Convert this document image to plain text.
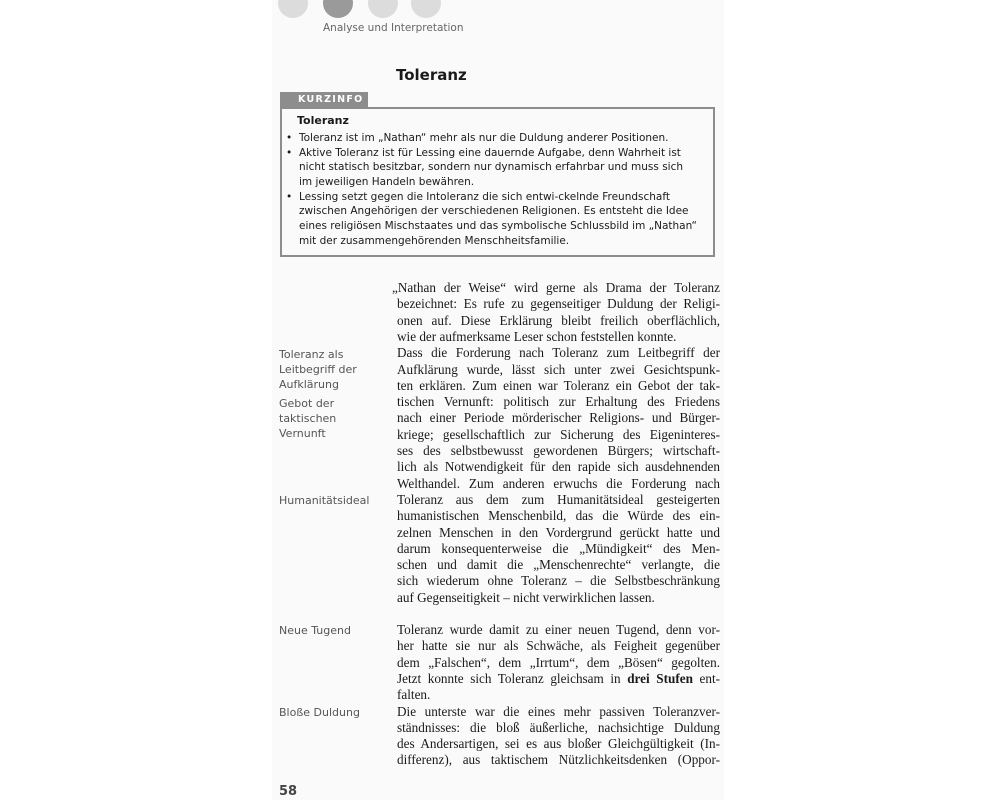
Analyse und Interpretation
Toleranz
KURZINFO
Toleranz
• Toleranz ist im „Nathan“ mehr als nur die Duldung anderer Positionen.
• Aktive Toleranz ist für Lessing eine dauernde Aufgabe, denn Wahrheit ist
nicht statisch besitzbar, sondern nur dynamisch erfahrbar und muss sich
im jeweiligen Handeln bewähren.
• Lessing setzt gegen die Intoleranz die sich entwi-ckelnde Freundschaft
zwischen Angehörigen der verschiedenen Religionen. Es entsteht die Idee
eines religiösen Mischstaates und das symbolische Schlussbild im „Nathan“
mit der zusammengehörenden Menschheitsfamilie.
Toleranz als
Leitbegriff der
Aufklärung
Gebot der
taktischen
Vernunft
Humanitätsideal
Neue Tugend
Bloße Duldung
„Nathan der Weise“ wird gerne als Drama der Toleranz
bezeichnet: Es rufe zu gegenseitiger Duldung der Religi-
onen auf. Diese Erklärung bleibt freilich oberflächlich,
wie der aufmerksame Leser schon feststellen konnte.
Dass die Forderung nach Toleranz zum Leitbegriff der
Aufklärung wurde, lässt sich unter zwei Gesichtspunk-
ten erklären. Zum einen war Toleranz ein Gebot der tak-
tischen Vernunft: politisch zur Erhaltung des Friedens
nach einer Periode mörderischer Religions- und Bürger-
kriege; gesellschaftlich zur Sicherung des Eigeninteres-
ses des selbstbewusst gewordenen Bürgers; wirtschaft-
lich als Notwendigkeit für den rapide sich ausdehnenden
Welthandel. Zum anderen erwuchs die Forderung nach
Toleranz aus dem zum Humanitätsideal gesteigerten
humanistischen Menschenbild, das die Würde des ein-
zelnen Menschen in den Vordergrund gerückt hatte und
darum konsequenterweise die „Mündigkeit“ des Men-
schen und damit die „Menschenrechte“ verlangte, die
sich wiederum ohne Toleranz – die Selbstbeschränkung
auf Gegenseitigkeit – nicht verwirklichen lassen.
Toleranz wurde damit zu einer neuen Tugend, denn vor-
her hatte sie nur als Schwäche, als Feigheit gegenüber
dem „Falschen“, dem „Irrtum“, dem „Bösen“ gegolten.
Jetzt konnte sich Toleranz gleichsam in drei Stufen ent-
falten.
Die unterste war die eines mehr passiven Toleranzver-
ständnisses: die bloß äußerliche, nachsichtige Duldung
des Andersartigen, sei es aus bloßer Gleichgültigkeit (In-
differenz), aus taktischem Nützlichkeitsdenken (Oppor-
58
